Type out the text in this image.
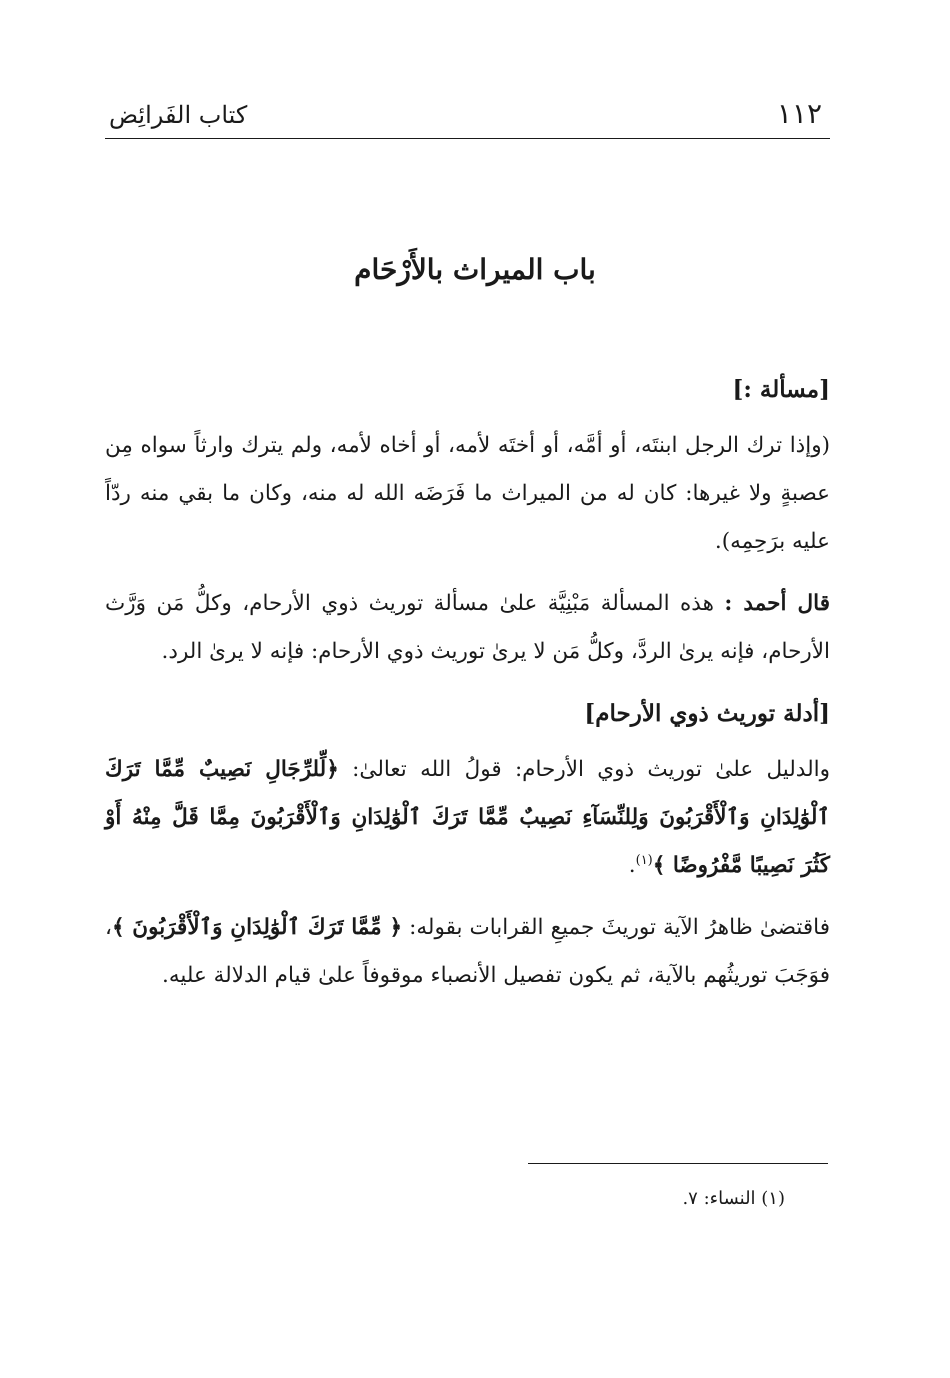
١١٢
كتاب الفَرائِض
باب الميراث بالأَرْحَام
[مسألة :]

(وإذا ترك الرجل ابنتَه، أو أمَّه، أو أختَه لأمه، أو أخاه لأمه، ولم يترك وارثاً سواه مِن عصبةٍ ولا غيرها: كان له من الميراث ما فَرَضَه الله له منه، وكان ما بقي منه ردّاً عليه برَحِمِه).

قال أحمد : هذه المسألة مَبْنِيَّة علىٰ مسألة توريث ذوي الأرحام، وكلُّ مَن وَرَّث الأرحام، فإنه يرىٰ الردَّ، وكلُّ مَن لا يرىٰ توريث ذوي الأرحام: فإنه لا يرىٰ الرد.

[أدلة توريث ذوي الأرحام]

والدليل علىٰ توريث ذوي الأرحام: قولُ الله تعالىٰ: ﴿لِّلرِّجَالِ نَصِيبٌ مِّمَّا تَرَكَ ٱلْوَٰلِدَانِ وَٱلْأَقْرَبُونَ وَلِلنِّسَآءِ نَصِيبٌ مِّمَّا تَرَكَ ٱلْوَٰلِدَانِ وَٱلْأَقْرَبُونَ مِمَّا قَلَّ مِنْهُ أَوْ كَثُرَ نَصِيبًا مَّفْرُوضًا ﴾$^{(١)}$.

فاقتضىٰ ظاهرُ الآية توريثَ جميعِ القرابات بقوله: ﴿ مِّمَّا تَرَكَ ٱلْوَٰلِدَانِ وَٱلْأَقْرَبُونَ ﴾، فوَجَبَ توريثُهم بالآية، ثم يكون تفصيل الأنصباء موقوفاً علىٰ قيام الدلالة عليه.

(١) النساء: ٧.
